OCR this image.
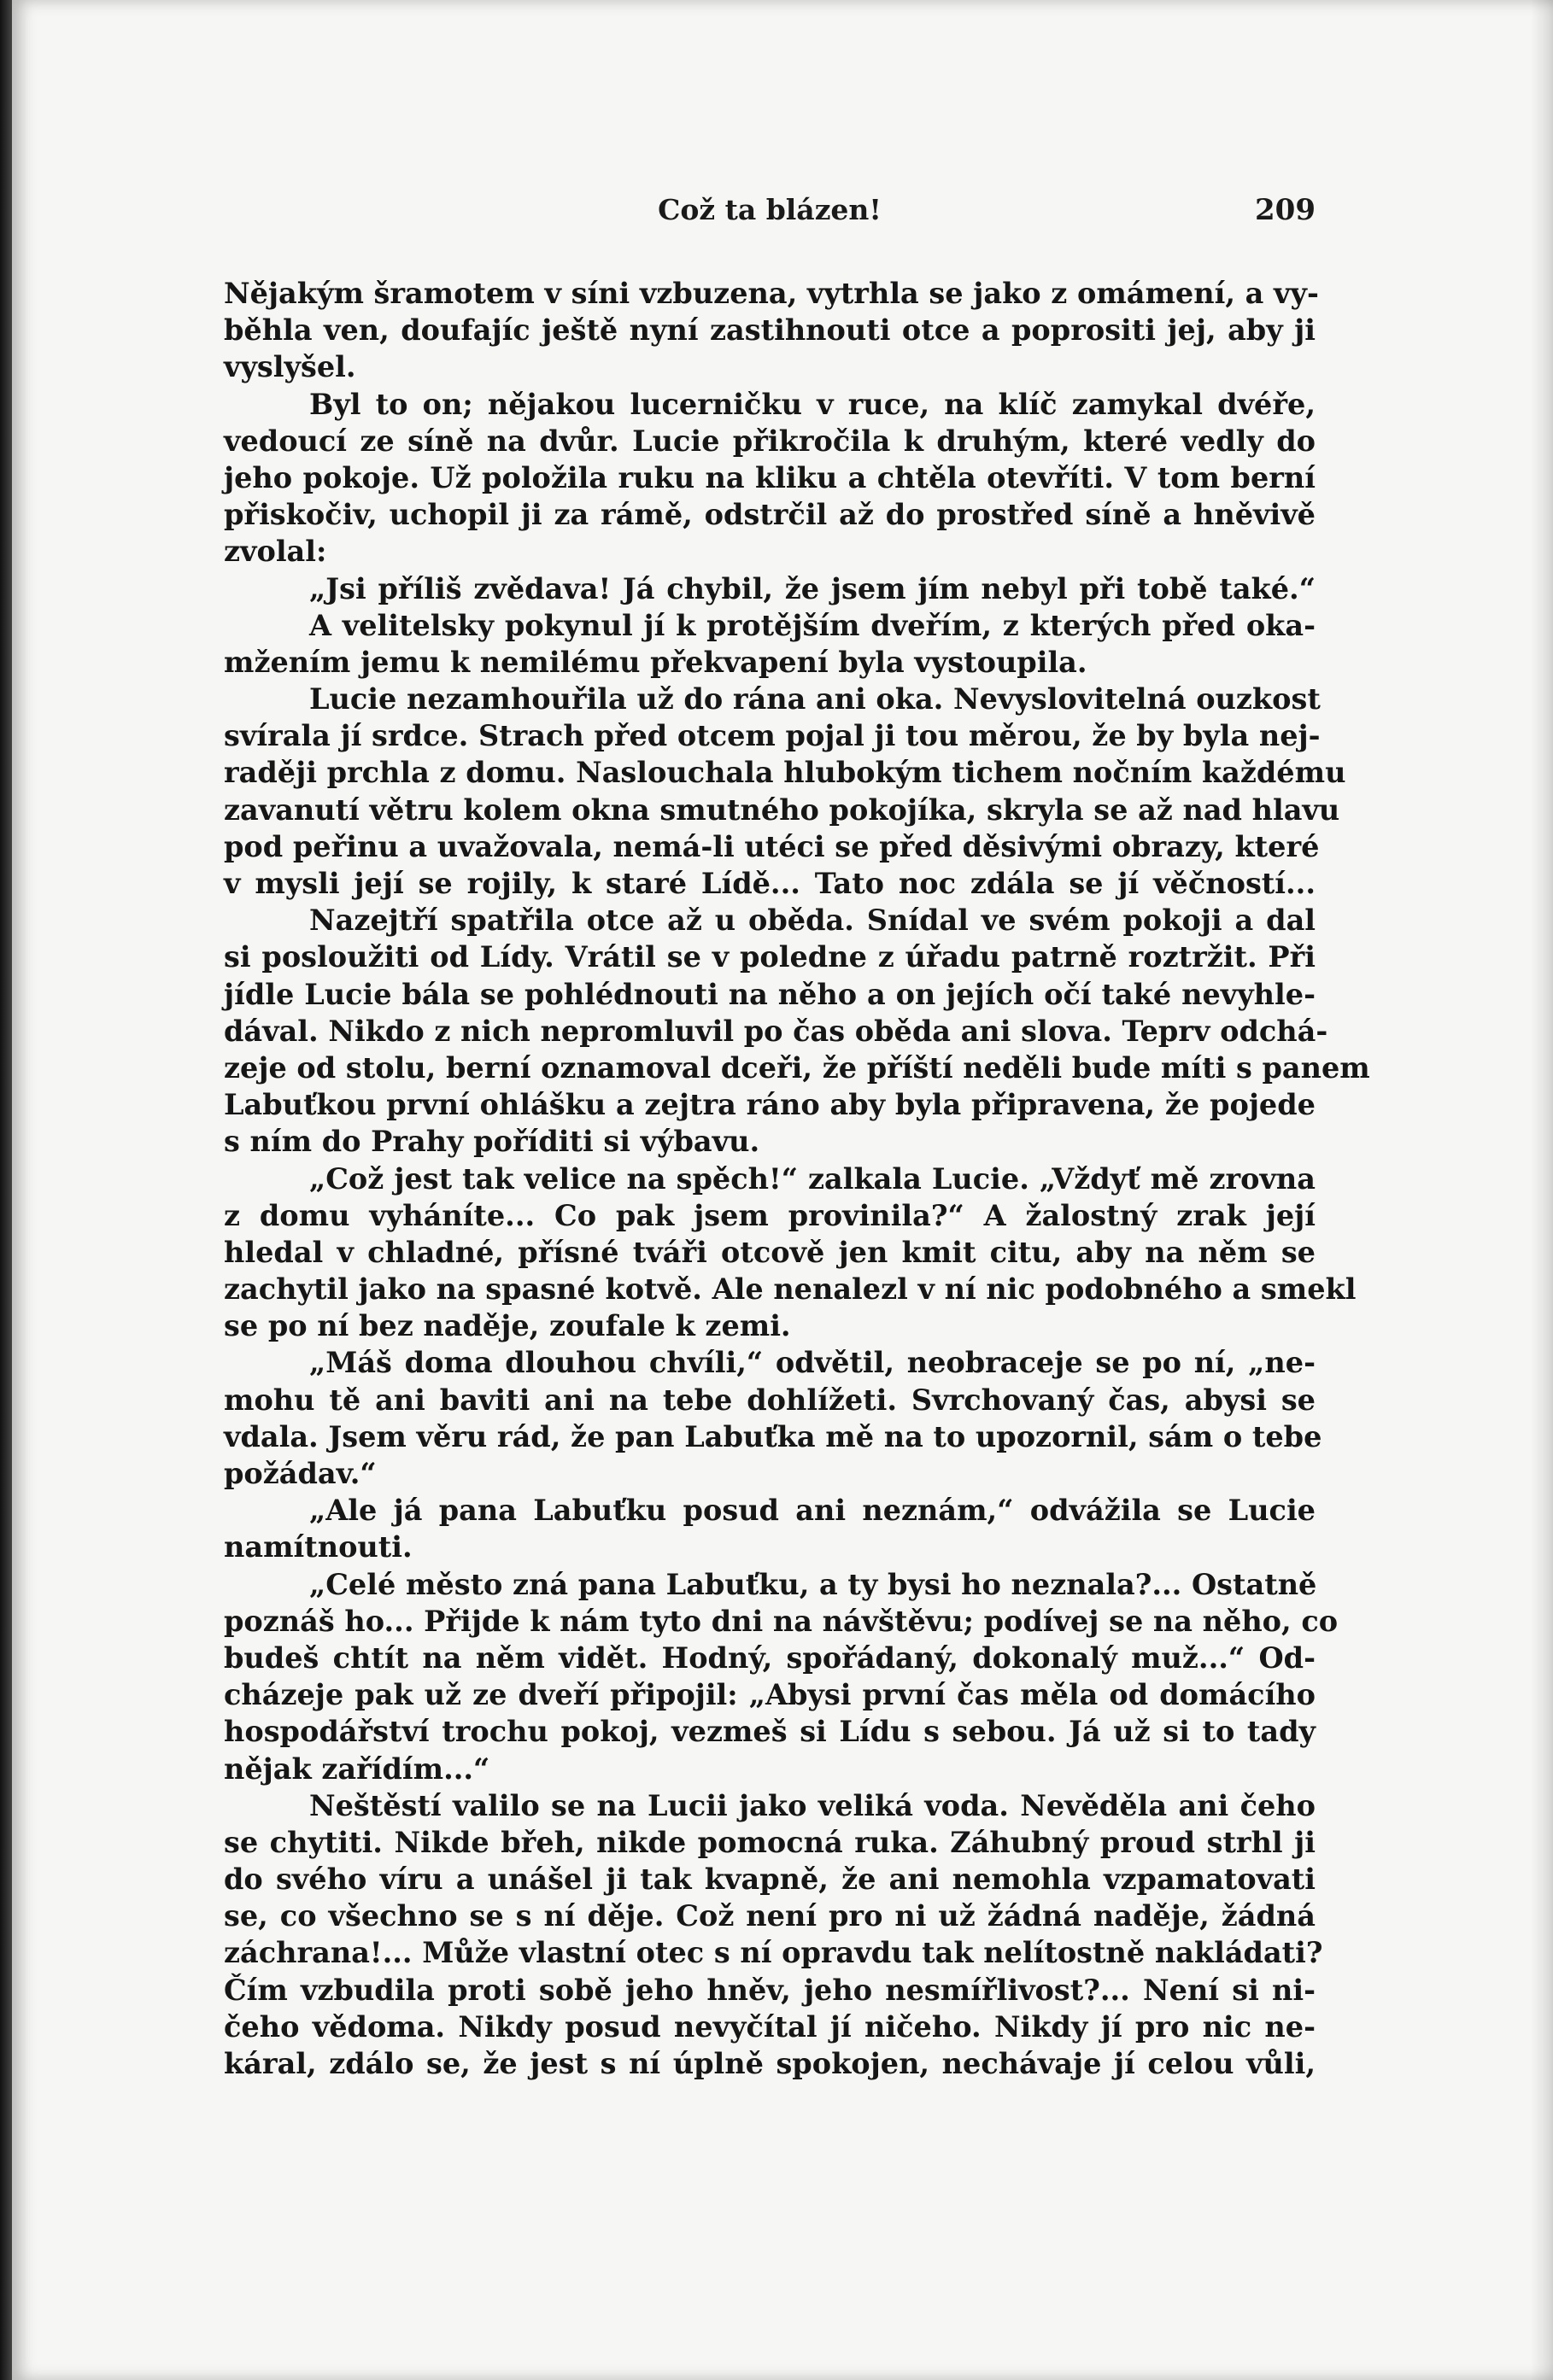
Což ta blázen!	209
Nějakým šramotem v síni vzbuzena, vytrhla se jako z omámení, a vy-
běhla ven, doufajíc ještě nyní zastihnouti otce a poprositi jej, aby ji
vyslyšel.
Byl to on; nějakou lucerničku v ruce, na klíč zamykal dvéře,
vedoucí ze síně na dvůr. Lucie přikročila k druhým, které vedly do
jeho pokoje. Už položila ruku na kliku a chtěla otevříti. V tom berní
přiskočiv, uchopil ji za rámě, odstrčil až do prostřed síně a hněvivě
zvolal:
„Jsi příliš zvědava! Já chybil, že jsem jím nebyl při tobě také.“
A velitelsky pokynul jí k protějším dveřím, z kterých před oka-
mžením jemu k nemilému překvapení byla vystoupila.
Lucie nezamhouřila už do rána ani oka. Nevyslovitelná ouzkost
svírala jí srdce. Strach před otcem pojal ji tou měrou, že by byla nej-
raději prchla z domu. Naslouchala hlubokým tichem nočním každému
zavanutí větru kolem okna smutného pokojíka, skryla se až nad hlavu
pod peřinu a uvažovala, nemá-li utéci se před děsivými obrazy, které
v mysli její se rojily, k staré Lídě... Tato noc zdála se jí věčností...
Nazejtří spatřila otce až u oběda. Snídal ve svém pokoji a dal
si posloužiti od Lídy. Vrátil se v poledne z úřadu patrně roztržit. Při
jídle Lucie bála se pohlédnouti na něho a on jejích očí také nevyhle-
dával. Nikdo z nich nepromluvil po čas oběda ani slova. Teprv odchá-
zeje od stolu, berní oznamoval dceři, že příští neděli bude míti s panem
Labuťkou první ohlášku a zejtra ráno aby byla připravena, že pojede
s ním do Prahy poříditi si výbavu.
„Což jest tak velice na spěch!“ zalkala Lucie. „Vždyť mě zrovna
z domu vyháníte... Co pak jsem provinila?“ A žalostný zrak její
hledal v chladné, přísné tváři otcově jen kmit citu, aby na něm se
zachytil jako na spasné kotvě. Ale nenalezl v ní nic podobného a smekl
se po ní bez naděje, zoufale k zemi.
„Máš doma dlouhou chvíli,“ odvětil, neobraceje se po ní, „ne-
mohu tě ani baviti ani na tebe dohlížeti. Svrchovaný čas, abysi se
vdala. Jsem věru rád, že pan Labuťka mě na to upozornil, sám o tebe
požádav.“
„Ale já pana Labuťku posud ani neznám,“ odvážila se Lucie
namítnouti.
„Celé město zná pana Labuťku, a ty bysi ho neznala?... Ostatně
poznáš ho... Přijde k nám tyto dni na návštěvu; podívej se na něho, co
budeš chtít na něm vidět. Hodný, spořádaný, dokonalý muž...“ Od-
cházeje pak už ze dveří připojil: „Abysi první čas měla od domácího
hospodářství trochu pokoj, vezmeš si Lídu s sebou. Já už si to tady
nějak zařídím...“
Neštěstí valilo se na Lucii jako veliká voda. Nevěděla ani čeho
se chytiti. Nikde břeh, nikde pomocná ruka. Záhubný proud strhl ji
do svého víru a unášel ji tak kvapně, že ani nemohla vzpamatovati
se, co všechno se s ní děje. Což není pro ni už žádná naděje, žádná
záchrana!... Může vlastní otec s ní opravdu tak nelítostně nakládati?
Čím vzbudila proti sobě jeho hněv, jeho nesmířlivost?... Není si ni-
čeho vědoma. Nikdy posud nevyčítal jí ničeho. Nikdy jí pro nic ne-
káral, zdálo se, že jest s ní úplně spokojen, nechávaje jí celou vůli,
